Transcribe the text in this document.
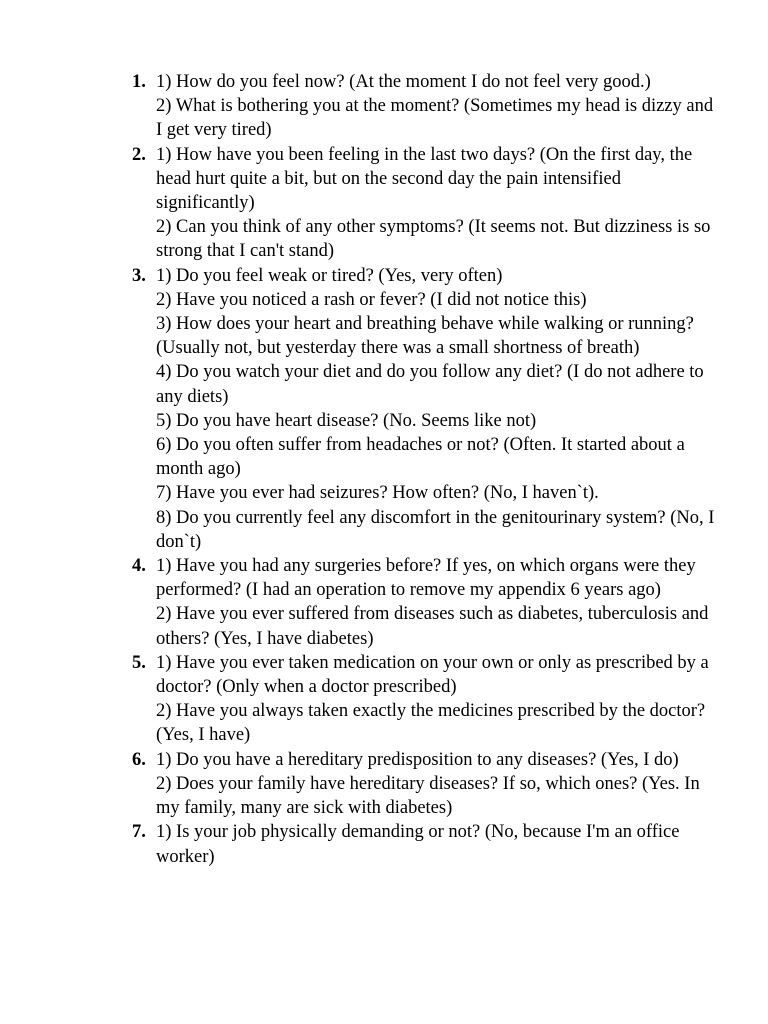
1. 1) How do you feel now? (At the moment I do not feel very good.)

2) What is bothering you at the moment? (Sometimes my head is dizzy and I get very tired)

2. 1) How have you been feeling in the last two days? (On the first day, the head hurt quite a bit, but on the second day the pain intensified significantly)

2) Can you think of any other symptoms? (It seems not. But dizziness is so strong that I can't stand)

3. 1) Do you feel weak or tired? (Yes, very often)

2) Have you noticed a rash or fever? (I did not notice this)

3) How does your heart and breathing behave while walking or running? (Usually not, but yesterday there was a small shortness of breath)

4) Do you watch your diet and do you follow any diet? (I do not adhere to any diets)

5) Do you have heart disease? (No. Seems like not)

6) Do you often suffer from headaches or not? (Often. It started about a month ago)

7) Have you ever had seizures? How often? (No, I haven`t).

8) Do you currently feel any discomfort in the genitourinary system? (No, I don`t)

4. 1) Have you had any surgeries before? If yes, on which organs were they performed? (I had an operation to remove my appendix 6 years ago)

2) Have you ever suffered from diseases such as diabetes, tuberculosis and others? (Yes, I have diabetes)

5. 1) Have you ever taken medication on your own or only as prescribed by a doctor? (Only when a doctor prescribed)

2) Have you always taken exactly the medicines prescribed by the doctor? (Yes, I have)

6. 1) Do you have a hereditary predisposition to any diseases? (Yes, I do)

2) Does your family have hereditary diseases? If so, which ones? (Yes. In my family, many are sick with diabetes)

7. 1) Is your job physically demanding or not? (No, because I'm an office worker)
